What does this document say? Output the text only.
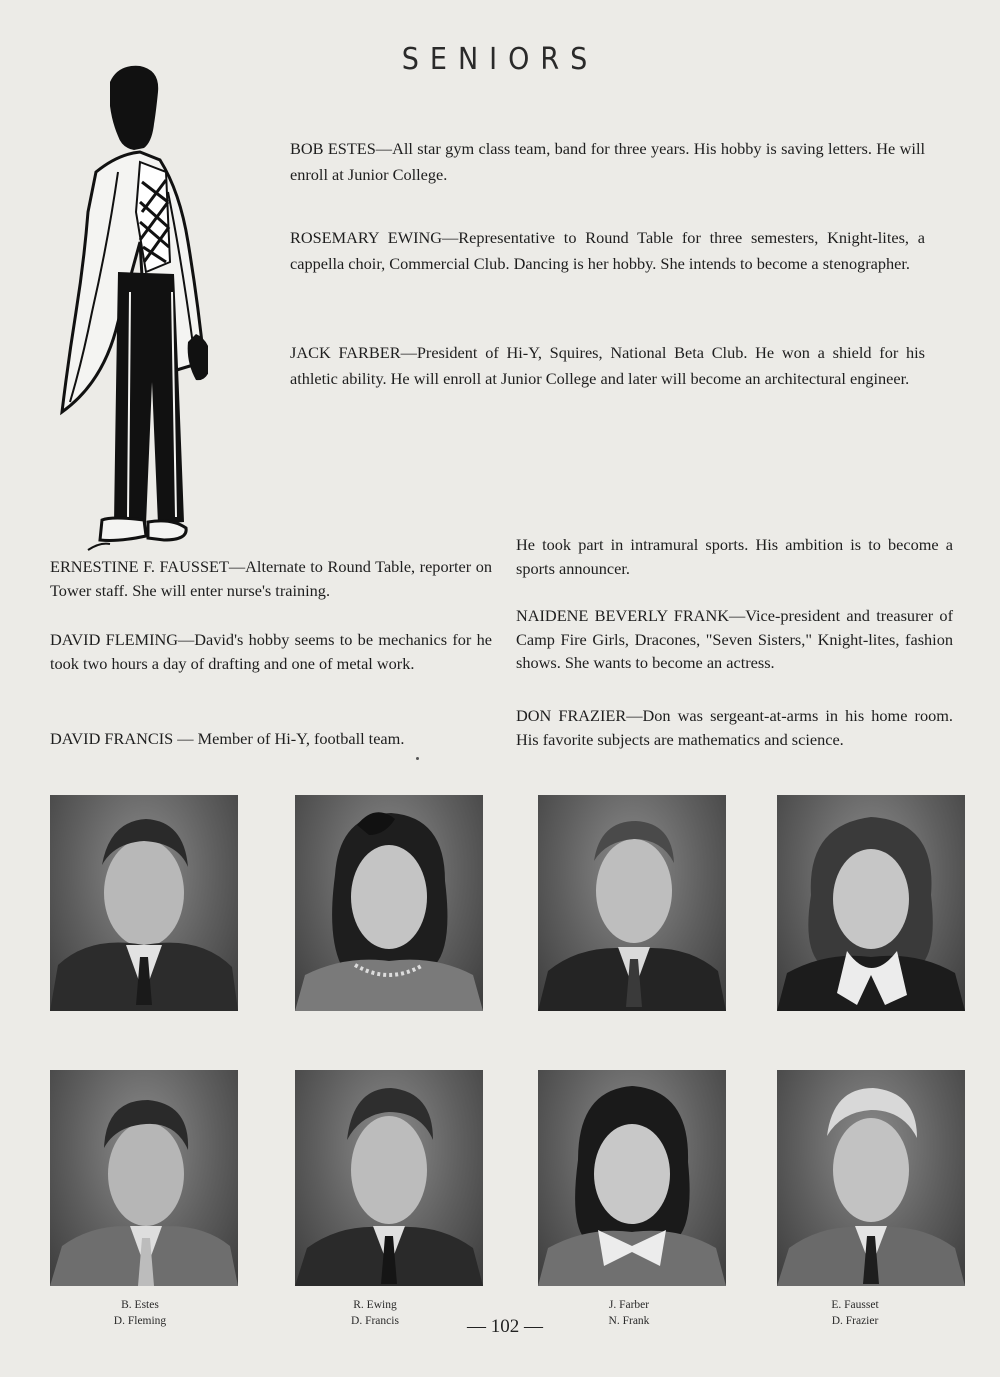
SENIORS

BOB ESTES—All star gym class team, band for three years. His hobby is saving letters. He will enroll at Junior College.

ROSEMARY EWING—Representative to Round Table for three semesters, Knight-lites, a cappella choir, Commercial Club. Dancing is her hobby. She intends to become a stenographer.

JACK FARBER—President of Hi-Y, Squires, National Beta Club. He won a shield for his athletic ability. He will enroll at Junior College and later will become an architectural engineer.

ERNESTINE F. FAUSSET—Alternate to Round Table, reporter on Tower staff. She will enter nurse's training.

DAVID FLEMING—David's hobby seems to be mechanics for he took two hours a day of drafting and one of metal work.

DAVID FRANCIS — Member of Hi-Y, football team.

He took part in intramural sports. His ambition is to become a sports announcer.

NAIDENE BEVERLY FRANK—Vice-president and treasurer of Camp Fire Girls, Dracones, "Seven Sisters," Knight-lites, fashion shows. She wants to become an actress.

DON FRAZIER—Don was sergeant-at-arms in his home room. His favorite subjects are mathematics and science.

B. Estes
D. Fleming
R. Ewing
D. Francis
J. Farber
N. Frank
E. Fausset
D. Frazier
— 102 —
